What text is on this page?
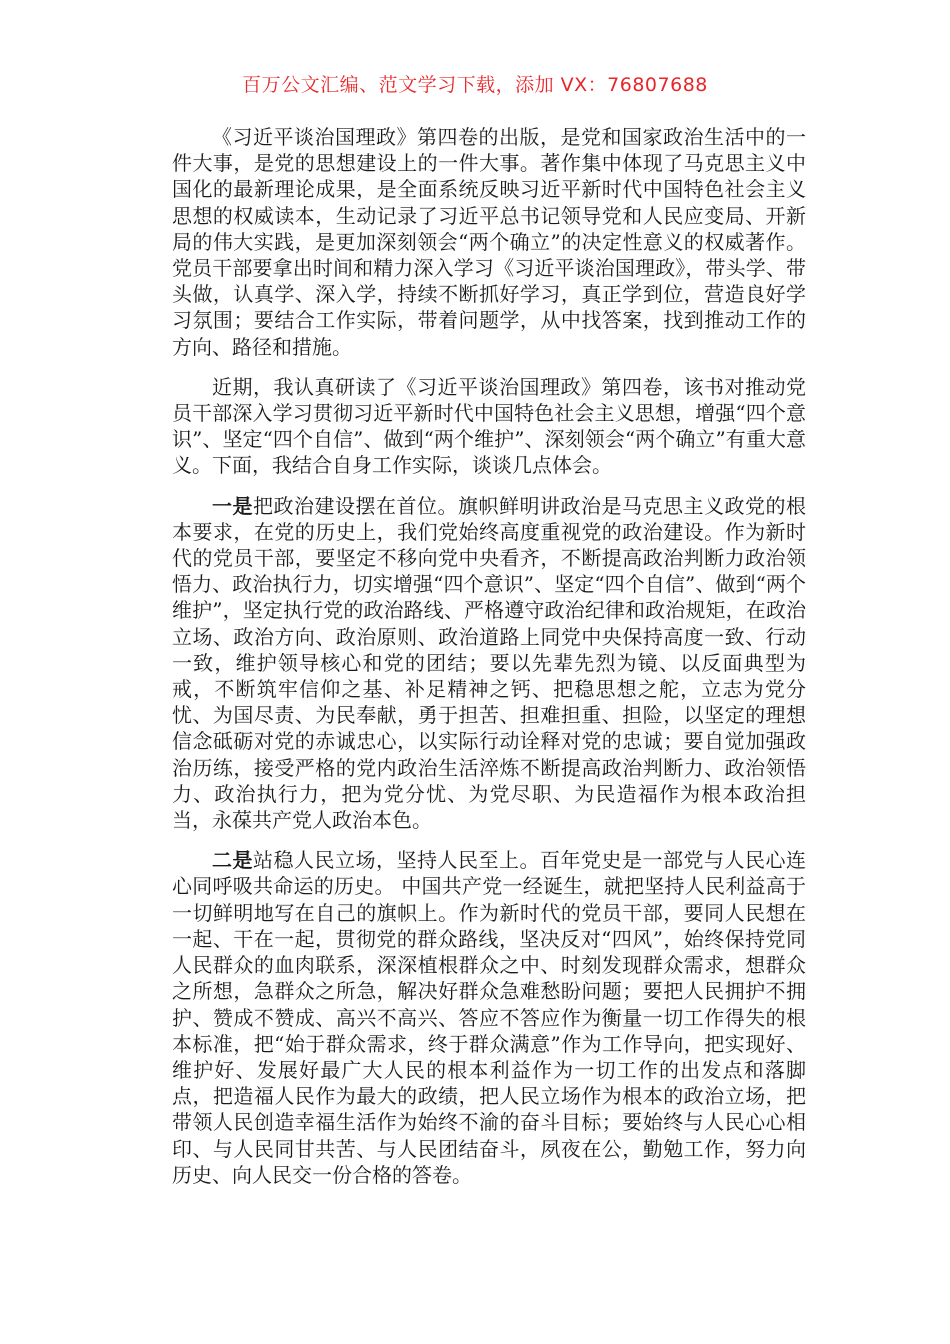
百万公文汇编、范文学习下载，添加 VX：76807688

《习近平谈治国理政》第四卷的出版，是党和国家政治生活中的一件大事，是党的思想建设上的一件大事。著作集中体现了马克思主义中国化的最新理论成果，是全面系统反映习近平新时代中国特色社会主义思想的权威读本，生动记录了习近平总书记领导党和人民应变局、开新局的伟大实践，是更加深刻领会“两个确立”的决定性意义的权威著作。党员干部要拿出时间和精力深入学习《习近平谈治国理政》，带头学、带头做，认真学、深入学，持续不断抓好学习，真正学到位，营造良好学习氛围；要结合工作实际，带着问题学，从中找答案，找到推动工作的方向、路径和措施。

近期，我认真研读了《习近平谈治国理政》第四卷，该书对推动党员干部深入学习贯彻习近平新时代中国特色社会主义思想，增强“四个意识”、坚定“四个自信”、做到“两个维护”、深刻领会“两个确立”有重大意义。下面，我结合自身工作实际，谈谈几点体会。

一是把政治建设摆在首位。旗帜鲜明讲政治是马克思主义政党的根本要求，在党的历史上，我们党始终高度重视党的政治建设。作为新时代的党员干部，要坚定不移向党中央看齐，不断提高政治判断力政治领悟力、政治执行力，切实增强“四个意识”、坚定“四个自信”、做到“两个维护”，坚定执行党的政治路线、严格遵守政治纪律和政治规矩，在政治立场、政治方向、政治原则、政治道路上同党中央保持高度一致、行动一致，维护领导核心和党的团结；要以先辈先烈为镜、以反面典型为戒，不断筑牢信仰之基、补足精神之钙、把稳思想之舵，立志为党分忧、为国尽责、为民奉献，勇于担苦、担难担重、担险，以坚定的理想信念砥砺对党的赤诚忠心，以实际行动诠释对党的忠诚；要自觉加强政治历练，接受严格的党内政治生活淬炼不断提高政治判断力、政治领悟力、政治执行力，把为党分忧、为党尽职、为民造福作为根本政治担当，永葆共产党人政治本色。

二是站稳人民立场，坚持人民至上。百年党史是一部党与人民心连心同呼吸共命运的历史。 中国共产党一经诞生，就把坚持人民利益高于一切鲜明地写在自己的旗帜上。作为新时代的党员干部，要同人民想在一起、干在一起，贯彻党的群众路线，坚决反对“四风”，始终保持党同人民群众的血肉联系，深深植根群众之中、时刻发现群众需求，想群众之所想，急群众之所急，解决好群众急难愁盼问题；要把人民拥护不拥护、赞成不赞成、高兴不高兴、答应不答应作为衡量一切工作得失的根本标准，把“始于群众需求，终于群众满意”作为工作导向，把实现好、维护好、发展好最广大人民的根本利益作为一切工作的出发点和落脚点，把造福人民作为最大的政绩，把人民立场作为根本的政治立场，把带领人民创造幸福生活作为始终不渝的奋斗目标；要始终与人民心心相印、与人民同甘共苦、与人民团结奋斗，夙夜在公，勤勉工作，努力向历史、向人民交一份合格的答卷。
